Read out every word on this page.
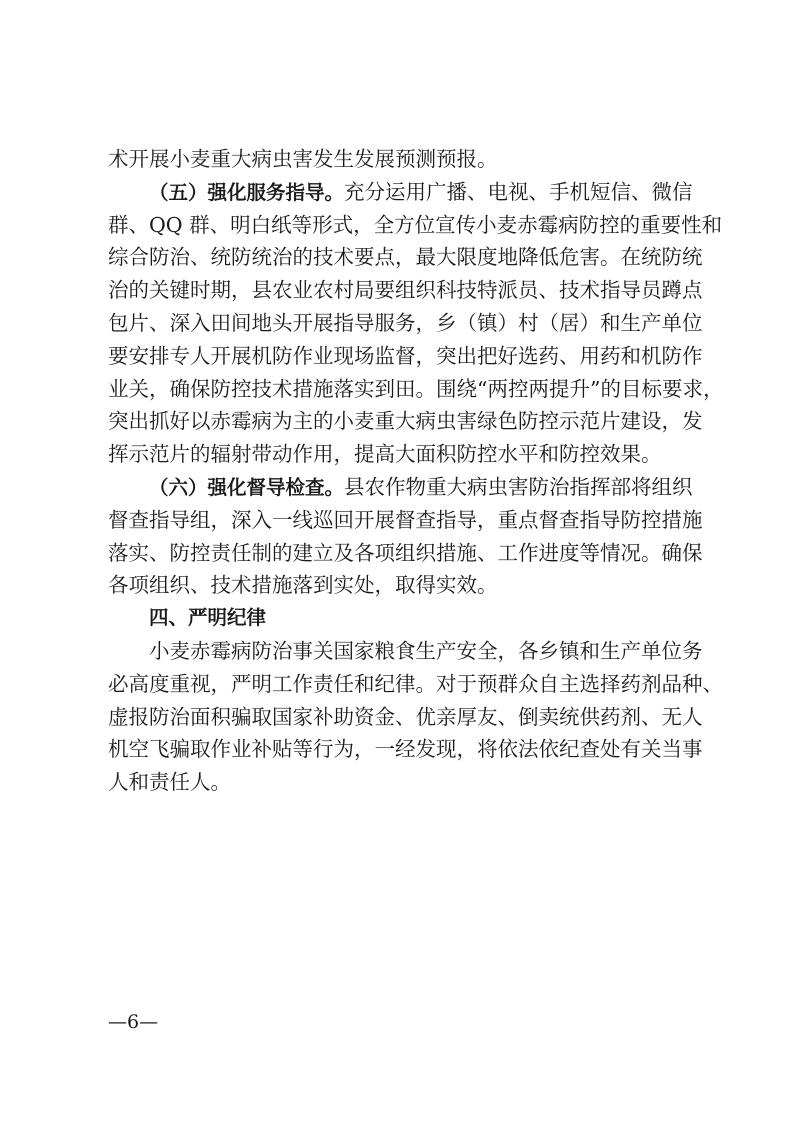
术开展小麦重大病虫害发生发展预测预报。
（五）强化服务指导。充分运用广播、电视、手机短信、微信
群、QQ 群、明白纸等形式，全方位宣传小麦赤霉病防控的重要性和
综合防治、统防统治的技术要点，最大限度地降低危害。在统防统
治的关键时期，县农业农村局要组织科技特派员、技术指导员蹲点
包片、深入田间地头开展指导服务，乡（镇）村（居）和生产单位
要安排专人开展机防作业现场监督，突出把好选药、用药和机防作
业关，确保防控技术措施落实到田。围绕“两控两提升”的目标要求，
突出抓好以赤霉病为主的小麦重大病虫害绿色防控示范片建设，发
挥示范片的辐射带动作用，提高大面积防控水平和防控效果。
（六）强化督导检查。县农作物重大病虫害防治指挥部将组织
督查指导组，深入一线巡回开展督查指导，重点督查指导防控措施
落实、防控责任制的建立及各项组织措施、工作进度等情况。确保
各项组织、技术措施落到实处，取得实效。
四、严明纪律
小麦赤霉病防治事关国家粮食生产安全，各乡镇和生产单位务
必高度重视，严明工作责任和纪律。对于预群众自主选择药剂品种、
虚报防治面积骗取国家补助资金、优亲厚友、倒卖统供药剂、无人
机空飞骗取作业补贴等行为，一经发现，将依法依纪查处有关当事
人和责任人。
—6—
